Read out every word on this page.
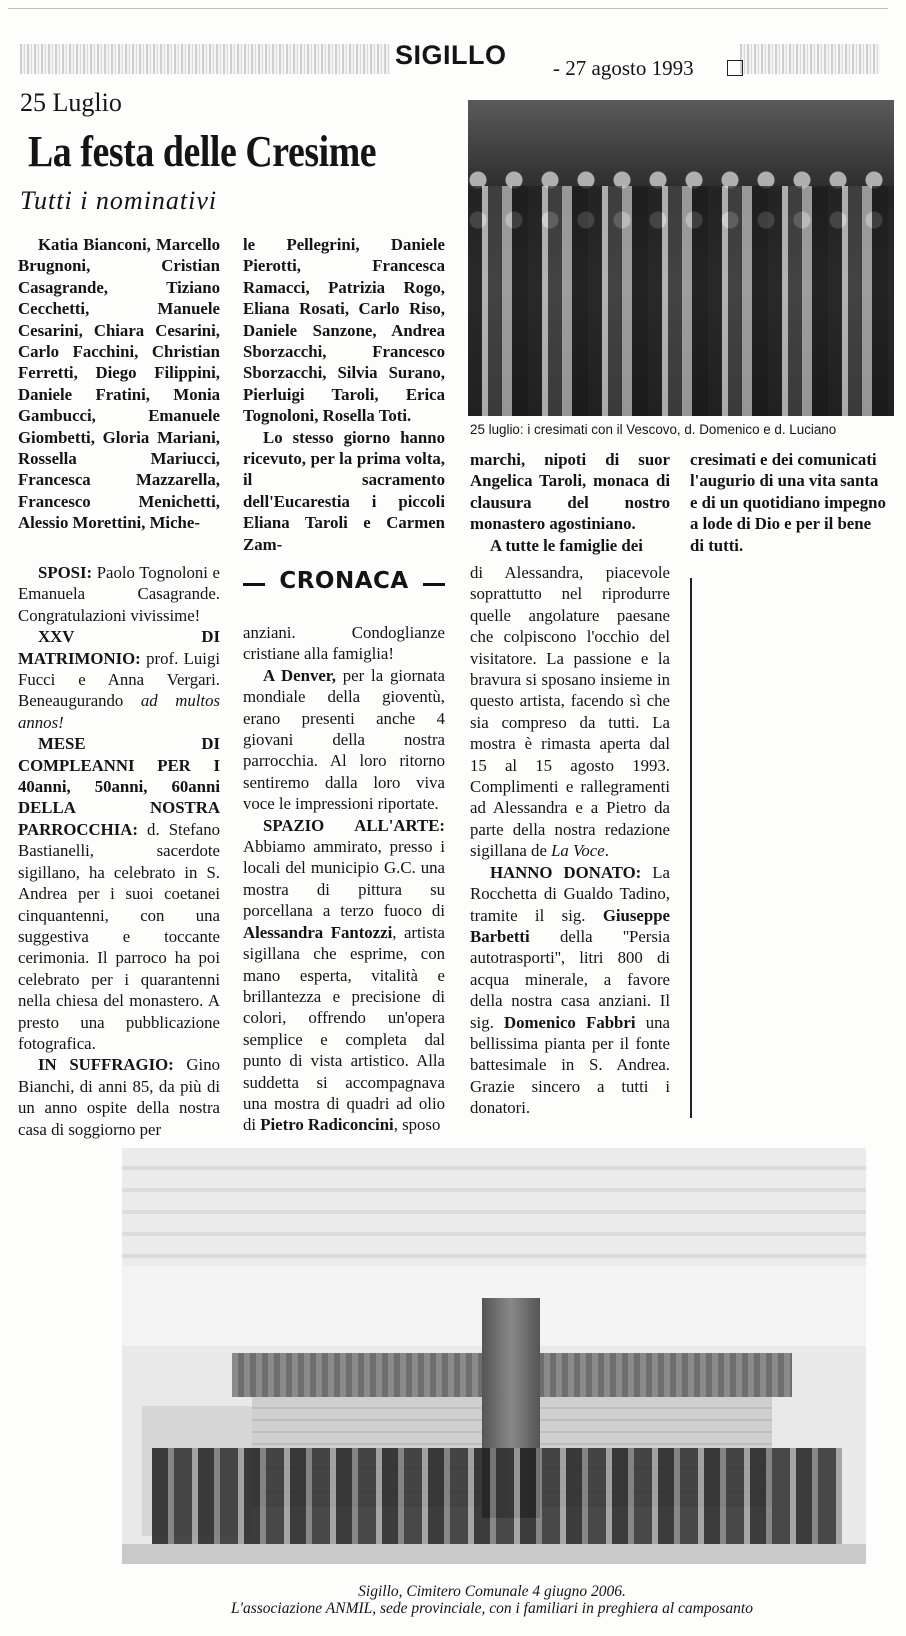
SIGILLO - 27 agosto 1993
25 Luglio
La festa delle Cresime
Tutti i nominativi

Katia Bianconi, Marcello Brugnoni, Cristian Casagrande, Tiziano Cecchetti, Manuele Cesarini, Chiara Cesarini, Carlo Facchini, Christian Ferretti, Diego Filippini, Daniele Fratini, Monia Gambucci, Emanuele Giombetti, Gloria Mariani, Rossella Mariucci, Francesca Mazzarella, Francesco Menichetti, Alessio Morettini, Miche-

le Pellegrini, Daniele Pierotti, Francesca Ramacci, Patrizia Rogo, Eliana Rosati, Carlo Riso, Daniele Sanzone, Andrea Sborzacchi, Francesco Sborzacchi, Silvia Surano, Pierluigi Taroli, Erica Tognoloni, Rosella Toti.

Lo stesso giorno hanno ricevuto, per la prima volta, il sacramento dell'Eucarestia i piccoli Eliana Taroli e Carmen Zam-

25 luglio: i cresimati con il Vescovo, d. Domenico e d. Luciano

marchi, nipoti di suor Angelica Taroli, monaca di clausura del nostro monastero agostiniano.

A tutte le famiglie dei

cresimati e dei comunicati l'augurio di una vita santa e di un quotidiano impegno a lode di Dio e per il bene di tutti.

CRONACA

SPOSI: Paolo Tognoloni e Emanuela Casagrande. Congratulazioni vivissime!

XXV DI MATRIMONIO: prof. Luigi Fucci e Anna Vergari. Beneaugurando ad multos annos!

MESE DI COMPLEANNI PER I 40anni, 50anni, 60anni DELLA NOSTRA PARROCCHIA: d. Stefano Bastianelli, sacerdote sigillano, ha celebrato in S. Andrea per i suoi coetanei cinquantenni, con una suggestiva e toccante cerimonia. Il parroco ha poi celebrato per i quarantenni nella chiesa del monastero. A presto una pubblicazione fotografica.

IN SUFFRAGIO: Gino Bianchi, di anni 85, da più di un anno ospite della nostra casa di soggiorno per

anziani. Condoglianze cristiane alla famiglia!

A Denver, per la giornata mondiale della gioventù, erano presenti anche 4 giovani della nostra parrocchia. Al loro ritorno sentiremo dalla loro viva voce le impressioni riportate.

SPAZIO ALL'ARTE: Abbiamo ammirato, presso i locali del municipio G.C. una mostra di pittura su porcellana a terzo fuoco di Alessandra Fantozzi, artista sigillana che esprime, con mano esperta, vitalità e brillantezza e precisione di colori, offrendo un'opera semplice e completa dal punto di vista artistico. Alla suddetta si accompagnava una mostra di quadri ad olio di Pietro Radiconcini, sposo

di Alessandra, piacevole soprattutto nel riprodurre quelle angolature paesane che colpiscono l'occhio del visitatore. La passione e la bravura si sposano insieme in questo artista, facendo sì che sia compreso da tutti. La mostra è rimasta aperta dal 15 al 15 agosto 1993. Complimenti e rallegramenti ad Alessandra e a Pietro da parte della nostra redazione sigillana de La Voce.

HANNO DONATO: La Rocchetta di Gualdo Tadino, tramite il sig. Giuseppe Barbetti della ''Persia autotrasporti'', litri 800 di acqua minerale, a favore della nostra casa anziani. Il sig. Domenico Fabbri una bellissima pianta per il fonte battesimale in S. Andrea. Grazie sincero a tutti i donatori.

Sigillo, Cimitero Comunale 4 giugno 2006.
L'associazione ANMIL, sede provinciale, con i familiari in preghiera al camposanto
